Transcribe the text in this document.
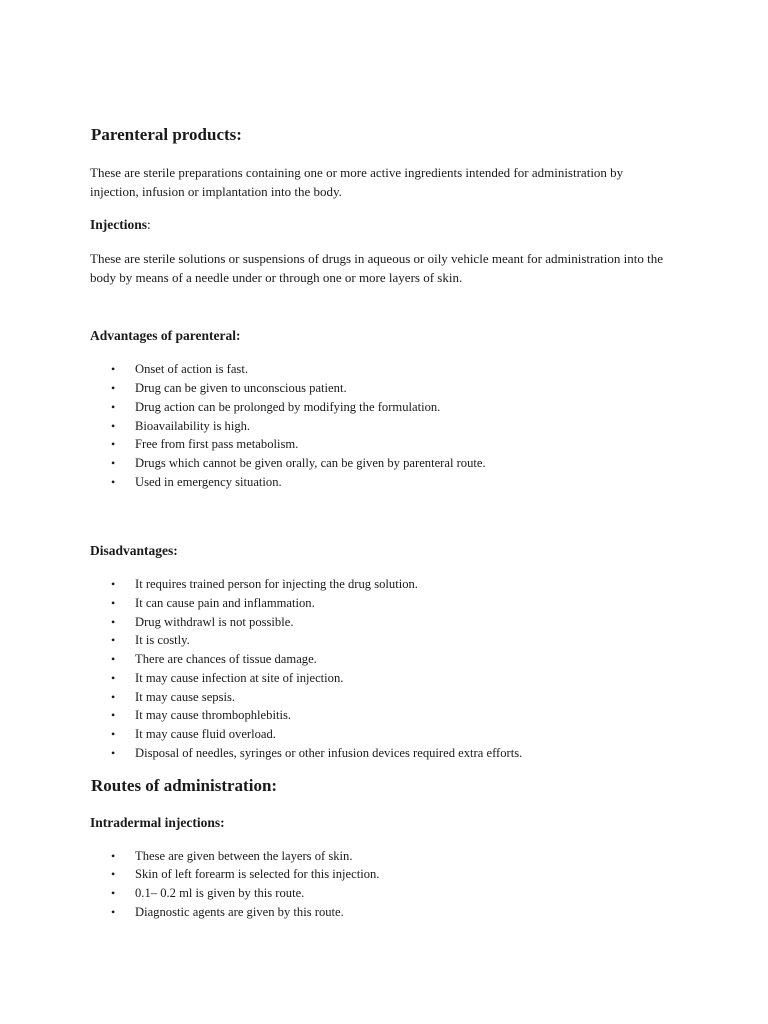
Parenteral products:

These are sterile preparations containing one or more active ingredients intended for administration by injection, infusion or implantation into the body.

Injections:

These are sterile solutions or suspensions of drugs in aqueous or oily vehicle meant for administration into the body by means of a needle under or through one or more layers of skin.

Advantages of parenteral:
• Onset of action is fast.
• Drug can be given to unconscious patient.
• Drug action can be prolonged by modifying the formulation.
• Bioavailability is high.
• Free from first pass metabolism.
• Drugs which cannot be given orally, can be given by parenteral route.
• Used in emergency situation.
Disadvantages:
• It requires trained person for injecting the drug solution.
• It can cause pain and inflammation.
• Drug withdrawl is not possible.
• It is costly.
• There are chances of tissue damage.
• It may cause infection at site of injection.
• It may cause sepsis.
• It may cause thrombophlebitis.
• It may cause fluid overload.
• Disposal of needles, syringes or other infusion devices required extra efforts.
Routes of administration:
Intradermal injections:
• These are given between the layers of skin.
• Skin of left forearm is selected for this injection.
• 0.1– 0.2 ml is given by this route.
• Diagnostic agents are given by this route.
